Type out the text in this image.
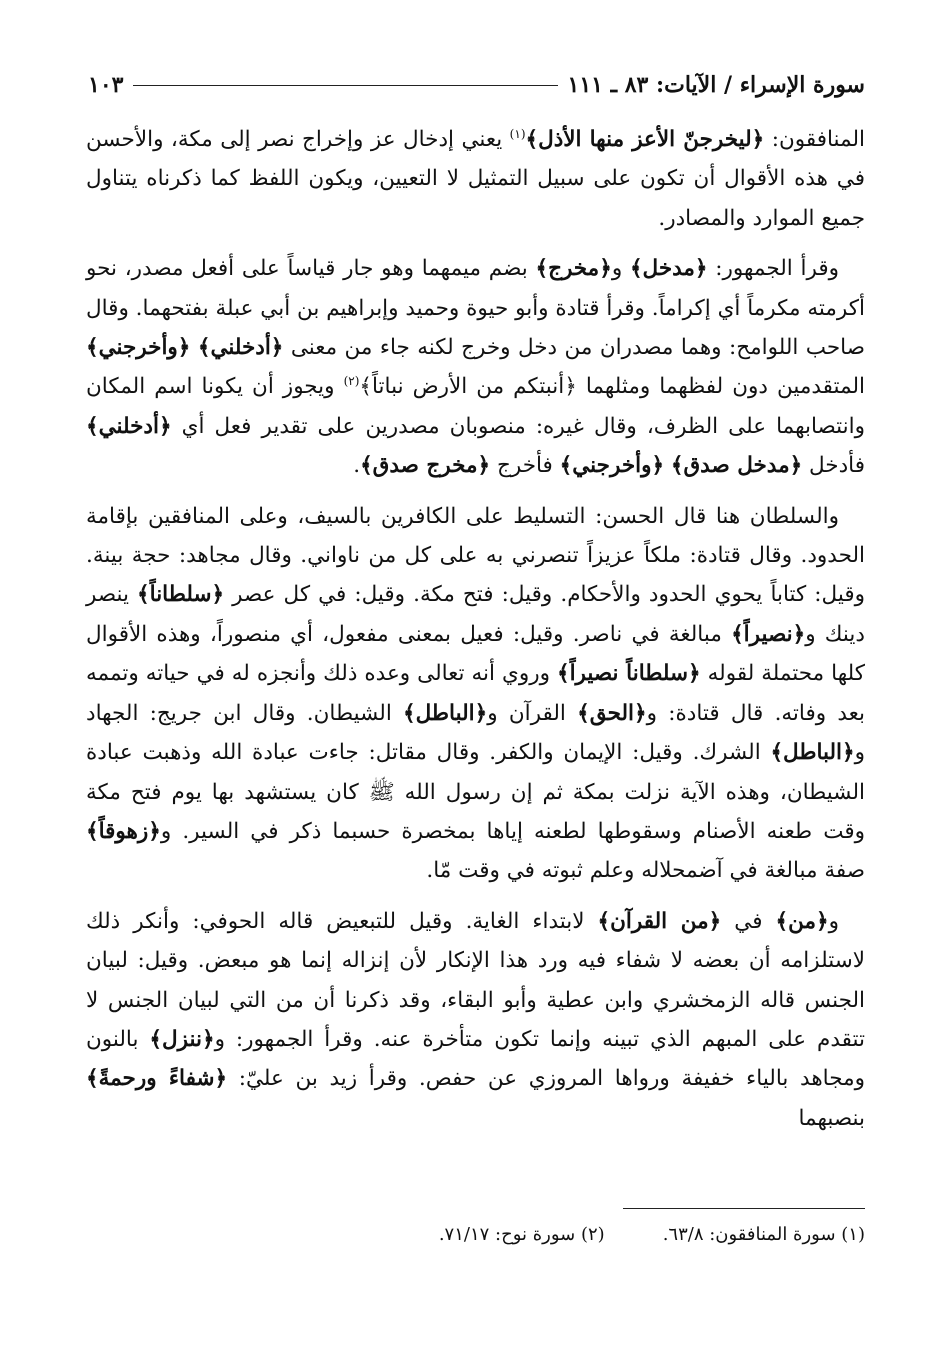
سورة الإسراء / الآيات: ٨٣ ـ ١١١
١٠٣

المنافقون: ﴿ليخرجنّ الأعز منها الأذل﴾$^{(١)}$ يعني إدخال عز وإخراج نصر إلى مكة، والأحسن في هذه الأقوال أن تكون على سبيل التمثيل لا التعيين، ويكون اللفظ كما ذكرناه يتناول جميع الموارد والمصادر.

وقرأ الجمهور: ﴿مدخل﴾ و﴿مخرج﴾ بضم ميمهما وهو جار قياساً على أفعل مصدر، نحو أكرمته مكرماً أي إكراماً. وقرأ قتادة وأبو حيوة وحميد وإبراهيم بن أبي عبلة بفتحهما. وقال صاحب اللوامح: وهما مصدران من دخل وخرج لكنه جاء من معنى ﴿أدخلني﴾ ﴿وأخرجني﴾ المتقدمين دون لفظهما ومثلهما ﴿أنبتكم من الأرض نباتاً﴾$^{(٢)}$ ويجوز أن يكونا اسم المكان وانتصابهما على الظرف، وقال غيره: منصوبان مصدرين على تقدير فعل أي ﴿أدخلني﴾ فأدخل ﴿مدخل صدق﴾ ﴿وأخرجني﴾ فأخرج ﴿مخرج صدق﴾.

والسلطان هنا قال الحسن: التسليط على الكافرين بالسيف، وعلى المنافقين بإقامة الحدود. وقال قتادة: ملكاً عزيزاً تنصرني به على كل من ناواني. وقال مجاهد: حجة بينة. وقيل: كتاباً يحوي الحدود والأحكام. وقيل: فتح مكة. وقيل: في كل عصر ﴿سلطاناً﴾ ينصر دينك و﴿نصيراً﴾ مبالغة في ناصر. وقيل: فعيل بمعنى مفعول، أي منصوراً، وهذه الأقوال كلها محتملة لقوله ﴿سلطاناً نصيراً﴾ وروي أنه تعالى وعده ذلك وأنجزه له في حياته وتممه بعد وفاته. قال قتادة: و﴿الحق﴾ القرآن و﴿الباطل﴾ الشيطان. وقال ابن جريج: الجهاد و﴿الباطل﴾ الشرك. وقيل: الإيمان والكفر. وقال مقاتل: جاءت عبادة الله وذهبت عبادة الشيطان، وهذه الآية نزلت بمكة ثم إن رسول الله ﷺ كان يستشهد بها يوم فتح مكة وقت طعنه الأصنام وسقوطها لطعنه إياها بمخصرة حسبما ذكر في السير. و﴿زهوقاً﴾ صفة مبالغة في آضمحلاله وعلم ثبوته في وقت مّا.

و﴿من﴾ في ﴿من القرآن﴾ لابتداء الغاية. وقيل للتبعيض قاله الحوفي: وأنكر ذلك لاستلزامه أن بعضه لا شفاء فيه ورد هذا الإنكار لأن إنزاله إنما هو مبعض. وقيل: لبيان الجنس قاله الزمخشري وابن عطية وأبو البقاء، وقد ذكرنا أن من التي لبيان الجنس لا تتقدم على المبهم الذي تبينه وإنما تكون متأخرة عنه. وقرأ الجمهور: و﴿ننزل﴾ بالنون ومجاهد بالياء خفيفة ورواها المروزي عن حفص. وقرأ زيد بن عليّ: ﴿شفاءً ورحمةً﴾ بنصبهما

(١) سورة المنافقون: ٦٣/٨.
(٢) سورة نوح: ٧١/١٧.
